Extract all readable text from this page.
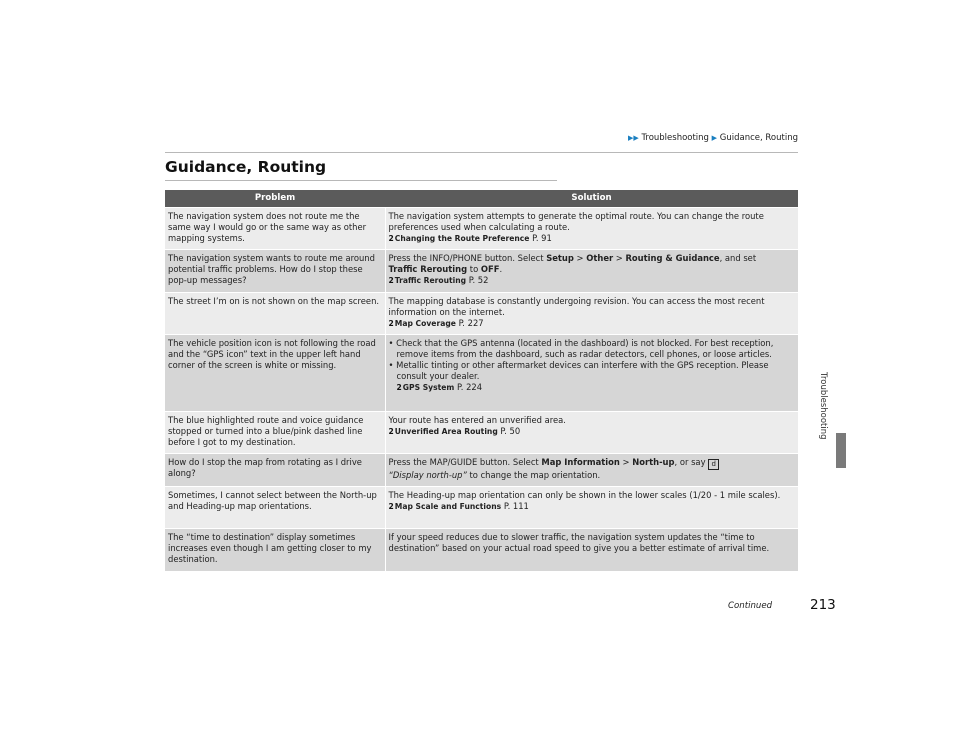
▶▶ Troubleshooting ▶ Guidance, Routing
Guidance, Routing
Troubleshooting
Problem	Solution
The navigation system does not route me the same way I would go or the same way as other mapping systems.	The navigation system attempts to generate the optimal route. You can change the route preferences used when calculating a route.
2Changing the Route Preference P. 91
The navigation system wants to route me around potential traffic problems. How do I stop these pop-up messages?	Press the INFO/PHONE button. Select Setup > Other > Routing & Guidance, and set
Traffic Rerouting to OFF.
2Traffic Rerouting P. 52
The street I’m on is not shown on the map screen.	The mapping database is constantly undergoing revision. You can access the most recent information on the internet.
2Map Coverage P. 227
The vehicle position icon is not following the road and the “GPS icon” text in the upper left hand corner of the screen is white or missing.	• Check that the GPS antenna (located in the dashboard) is not blocked. For best reception, remove items from the dashboard, such as radar detectors, cell phones, or loose articles.

• Metallic tinting or other aftermarket devices can interfere with the GPS reception. Please consult your dealer.

2GPS System P. 224
The blue highlighted route and voice guidance stopped or turned into a blue/pink dashed line before I got to my destination.	Your route has entered an unverified area.
2Unverified Area Routing P. 50
How do I stop the map from rotating as I drive along?	Press the MAP/GUIDE button. Select Map Information > North-up, or say d
“Display north-up” to change the map orientation.
Sometimes, I cannot select between the North-up and Heading-up map orientations.	The Heading-up map orientation can only be shown in the lower scales (1/20 - 1 mile scales).
2Map Scale and Functions P. 111
The “time to destination” display sometimes increases even though I am getting closer to my destination.	If your speed reduces due to slower traffic, the navigation system updates the “time to destination” based on your actual road speed to give you a better estimate of arrival time.
Continued	213
